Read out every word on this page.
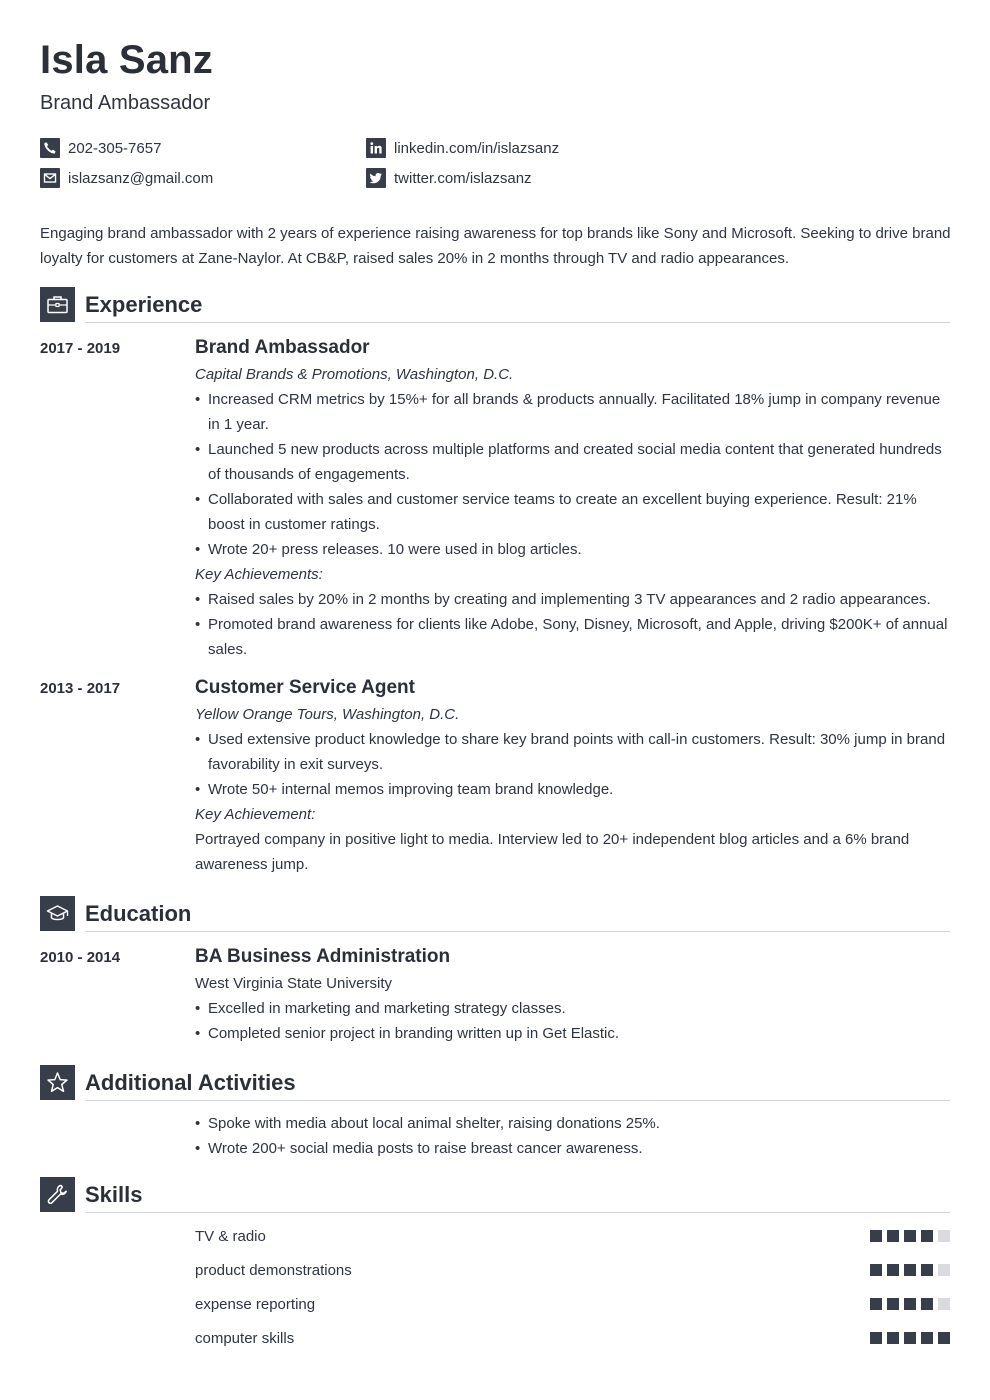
Isla Sanz
Brand Ambassador
202-305-7657
islazsanz@gmail.com
linkedin.com/in/islazsanz
twitter.com/islazsanz
Engaging brand ambassador with 2 years of experience raising awareness for top brands like Sony and Microsoft. Seeking to drive brand loyalty for customers at Zane-Naylor. At CB&P, raised sales 20% in 2 months through TV and radio appearances.
Experience
2017 - 2019	Brand Ambassador
Capital Brands & Promotions, Washington, D.C.
• Increased CRM metrics by 15%+ for all brands & products annually. Facilitated 18% jump in company revenue in 1 year.
• Launched 5 new products across multiple platforms and created social media content that generated hundreds of thousands of engagements.
• Collaborated with sales and customer service teams to create an excellent buying experience. Result: 21% boost in customer ratings.
• Wrote 20+ press releases. 10 were used in blog articles.
Key Achievements:
• Raised sales by 20% in 2 months by creating and implementing 3 TV appearances and 2 radio appearances.
• Promoted brand awareness for clients like Adobe, Sony, Disney, Microsoft, and Apple, driving $200K+ of annual sales.
2013 - 2017	Customer Service Agent
Yellow Orange Tours, Washington, D.C.
• Used extensive product knowledge to share key brand points with call-in customers. Result: 30% jump in brand favorability in exit surveys.
• Wrote 50+ internal memos improving team brand knowledge.
Key Achievement:
Portrayed company in positive light to media. Interview led to 20+ independent blog articles and a 6% brand awareness jump.
Education
2010 - 2014	BA Business Administration
West Virginia State University
• Excelled in marketing and marketing strategy classes.
• Completed senior project in branding written up in Get Elastic.
Additional Activities
• Spoke with media about local animal shelter, raising donations 25%.
• Wrote 200+ social media posts to raise breast cancer awareness.
Skills
TV & radio
product demonstrations
expense reporting
computer skills
